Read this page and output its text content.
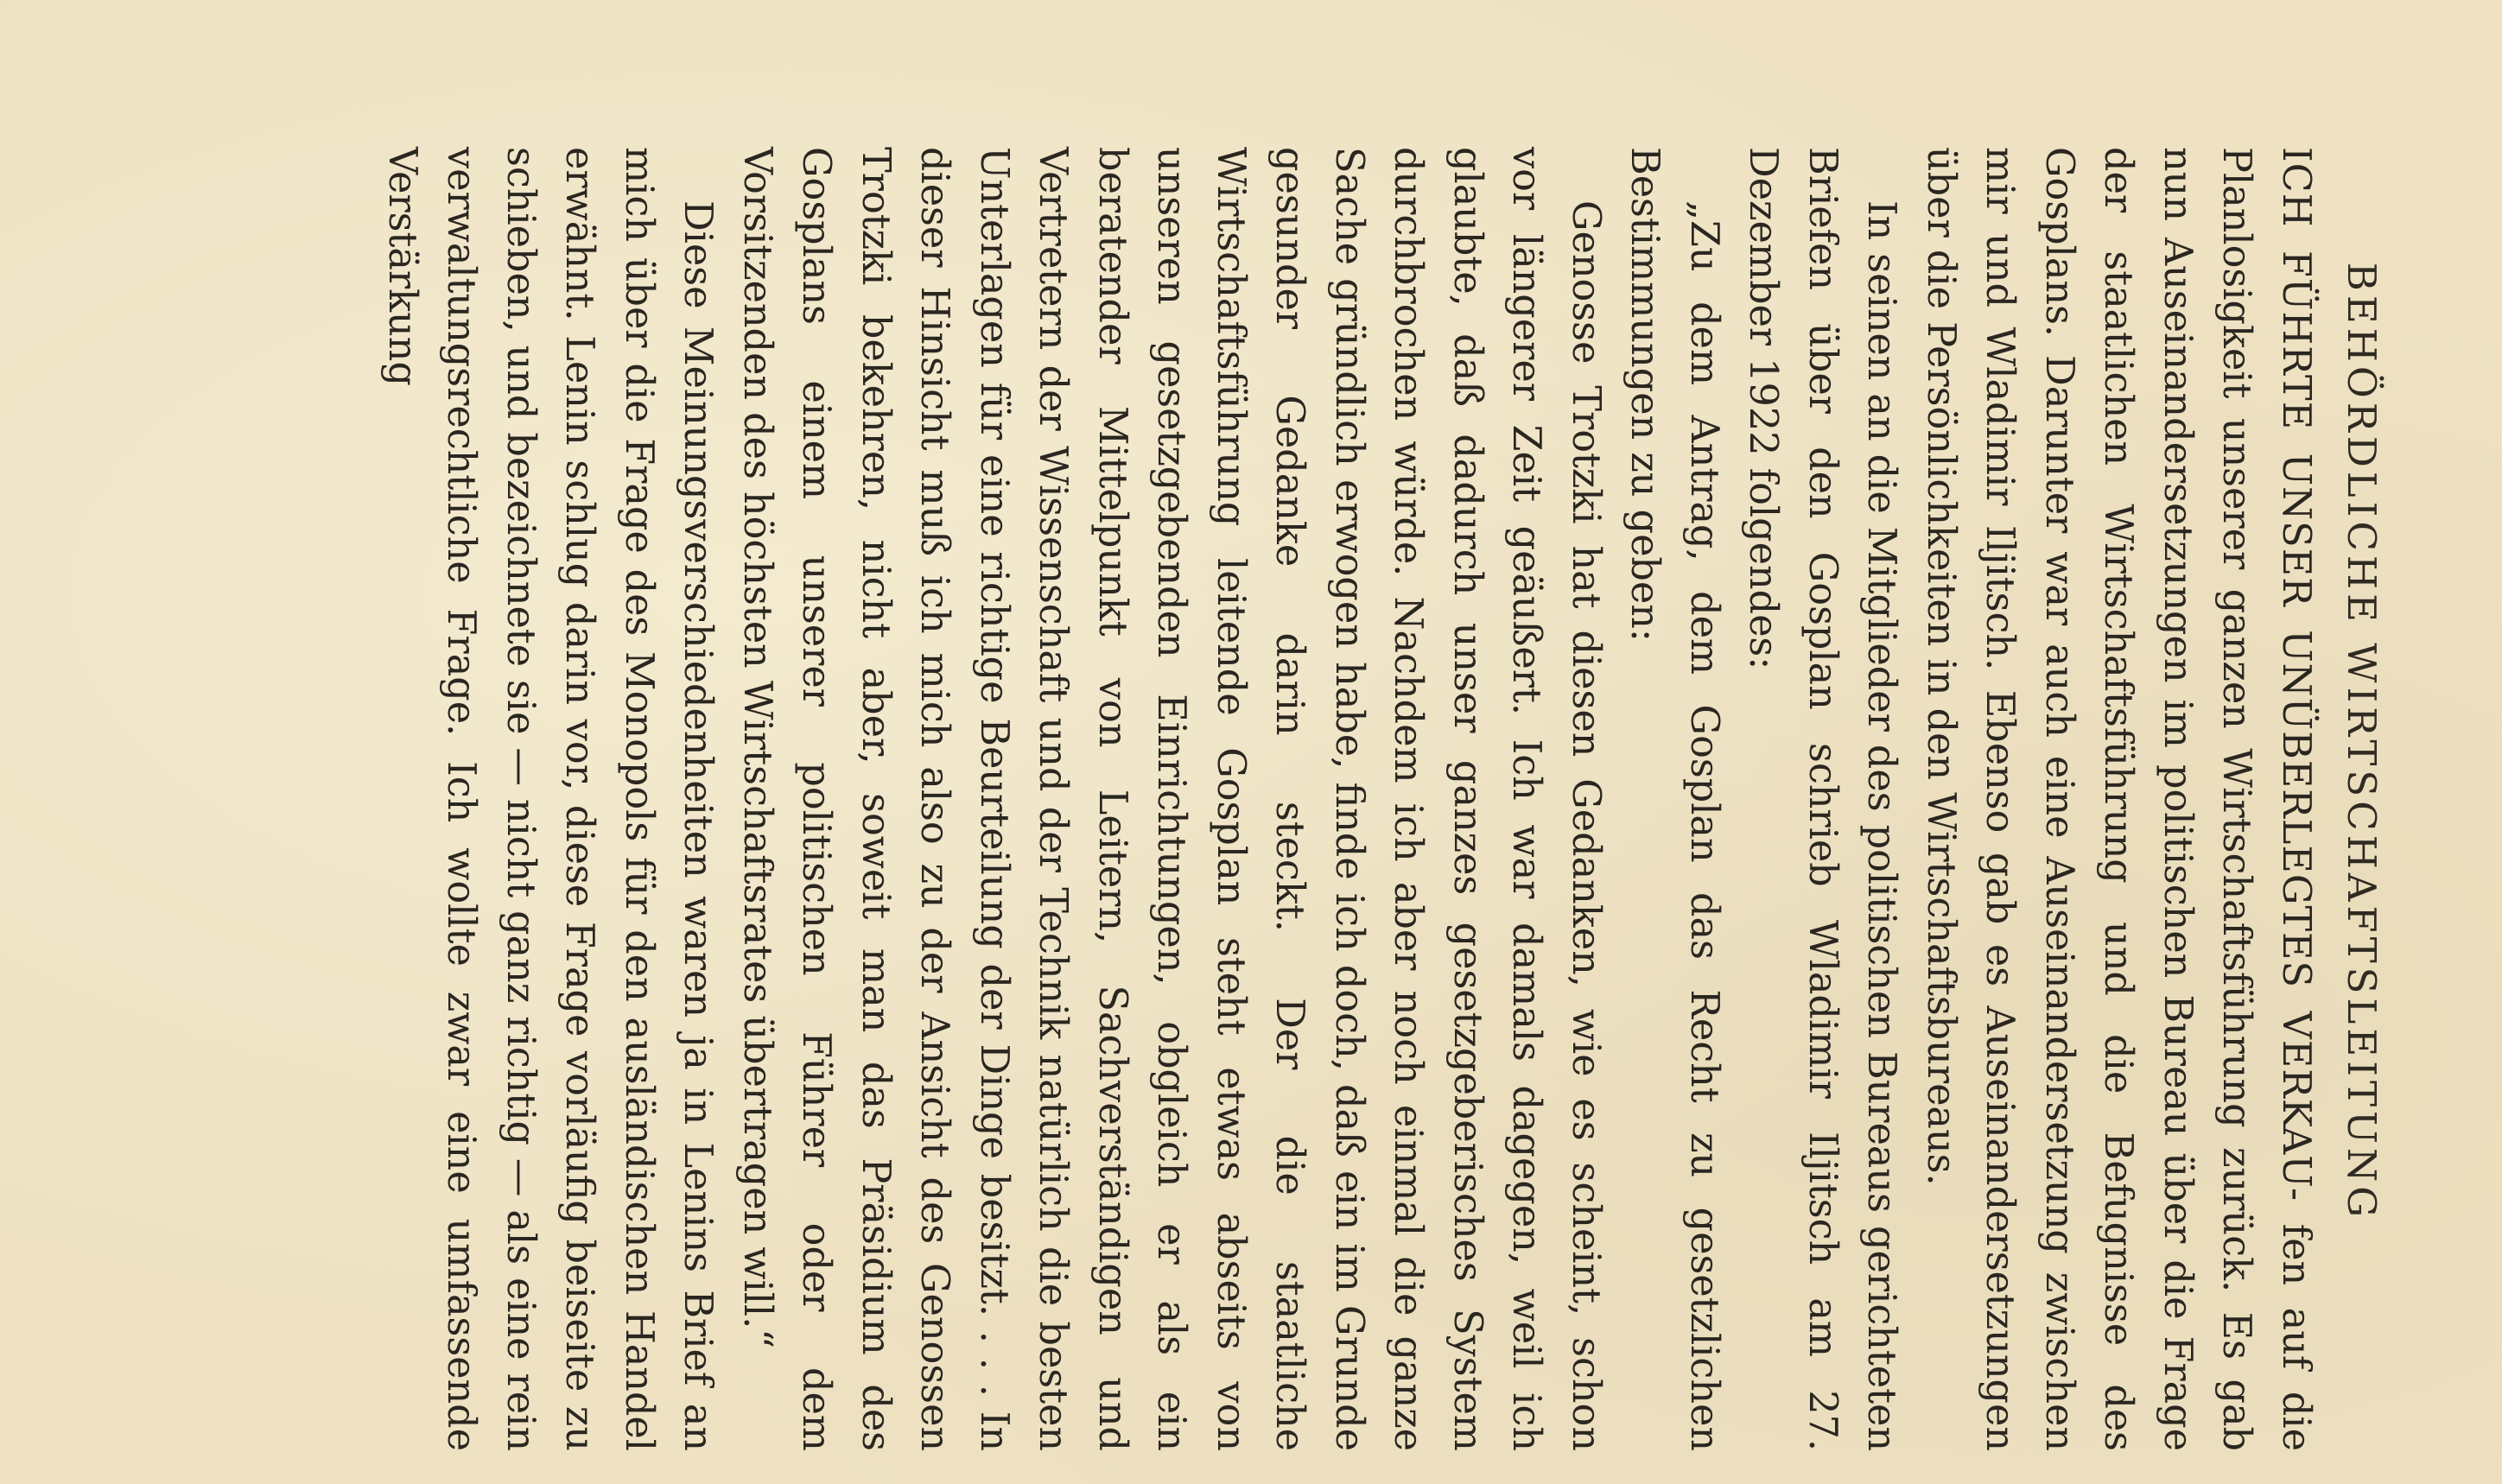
BEHÖRDLICHE WIRTSCHAFTSLEITUNG

ICH FÜHRTE UNSER UNÜBERLEGTES VERKAU- fen auf die Planlosigkeit unserer ganzen Wirtschaftsführung zurück. Es gab nun Auseinandersetzungen im politischen Bureau über die Frage der staatlichen Wirtschaftsführung und die Befugnisse des Gosplans. Darunter war auch eine Auseinandersetzung zwischen mir und Wladimir Iljitsch. Ebenso gab es Auseinandersetzungen über die Persönlichkeiten in den Wirtschaftsbureaus.

In seinen an die Mitglieder des politischen Bureaus gerichteten Briefen über den Gosplan schrieb Wladimir Iljitsch am 27. Dezember 1922 folgendes:

„Zu dem Antrag, dem Gosplan das Recht zu gesetzlichen Bestimmungen zu geben:

Genosse Trotzki hat diesen Gedanken, wie es scheint, schon vor längerer Zeit geäußert. Ich war damals dagegen, weil ich glaubte, daß dadurch unser ganzes gesetzgeberisches System durchbrochen würde. Nachdem ich aber noch einmal die ganze Sache gründlich erwogen habe, finde ich doch, daß ein im Grunde gesunder Gedanke darin steckt. Der die staatliche Wirtschaftsführung leitende Gosplan steht etwas abseits von unseren gesetzgebenden Einrichtungen, obgleich er als ein beratender Mittelpunkt von Leitern, Sachverständigen und Vertretern der Wissenschaft und der Technik natürlich die besten Unterlagen für eine richtige Beurteilung der Dinge besitzt. . . . In dieser Hinsicht muß ich mich also zu der Ansicht des Genossen Trotzki bekehren, nicht aber, soweit man das Präsidium des Gosplans einem unserer politischen Führer oder dem Vorsitzenden des höchsten Wirtschaftsrates übertragen will.“

Diese Meinungsverschiedenheiten waren ja in Lenins Brief an mich über die Frage des Monopols für den ausländischen Handel erwähnt. Lenin schlug darin vor, diese Frage vorläufig beiseite zu schieben, und bezeichnete sie — nicht ganz richtig — als eine rein verwaltungsrechtliche Frage. Ich wollte zwar eine umfassende Verstärkung
